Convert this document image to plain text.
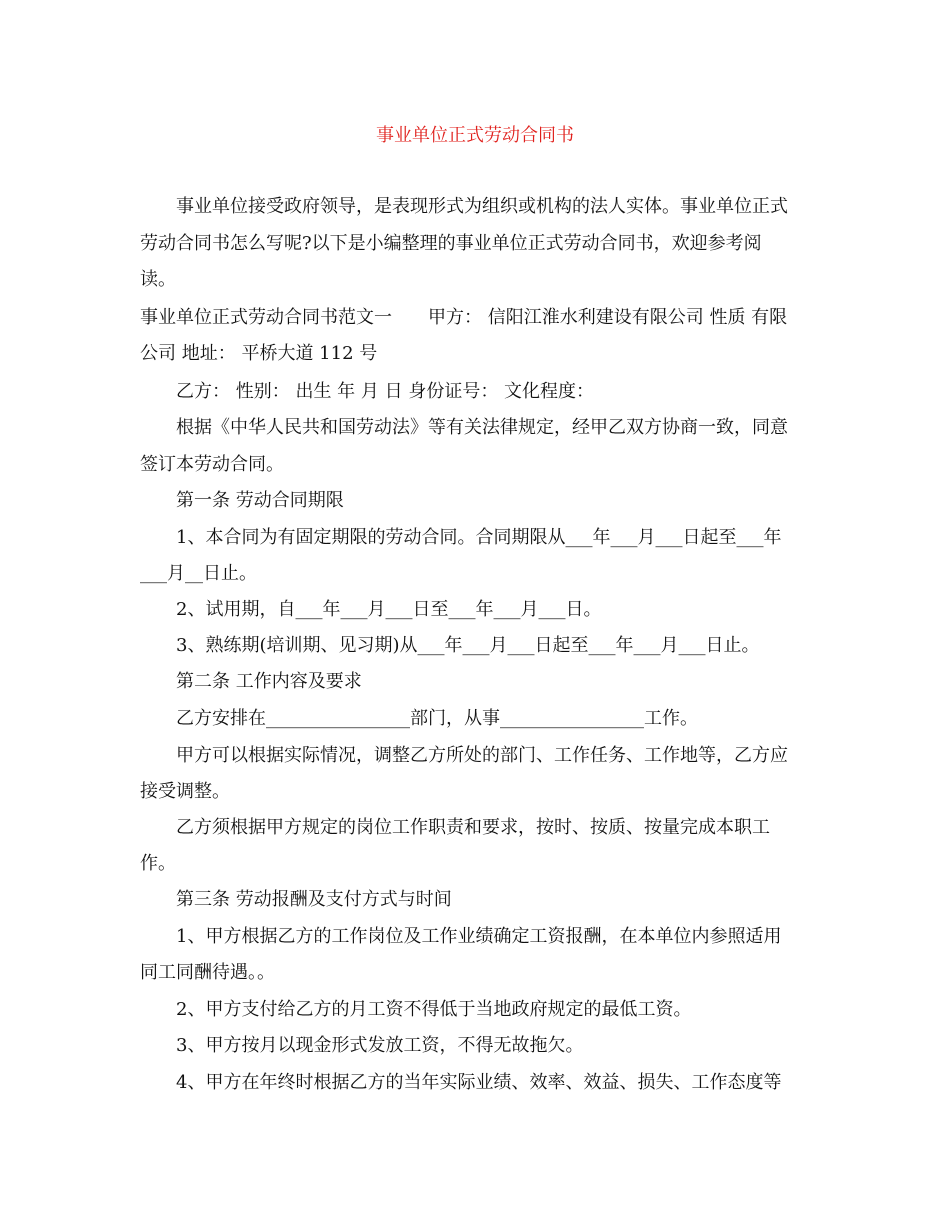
事业单位正式劳动合同书
事业单位接受政府领导，是表现形式为组织或机构的法人实体。事业单位正式
劳动合同书怎么写呢?以下是小编整理的事业单位正式劳动合同书，欢迎参考阅
读。
事业单位正式劳动合同书范文一　　甲方： 信阳江淮水利建设有限公司 性质 有限
公司 地址： 平桥大道 112 号
乙方： 性别： 出生 年 月 日 身份证号： 文化程度：
根据《中华人民共和国劳动法》等有关法律规定，经甲乙双方协商一致，同意
签订本劳动合同。
第一条 劳动合同期限
1、本合同为有固定期限的劳动合同。合同期限从___年___月___日起至___年
___月__日止。
2、试用期，自___年___月___日至___年___月___日。
3、熟练期(培训期、见习期)从___年___月___日起至___年___月___日止。
第二条 工作内容及要求
乙方安排在________________部门，从事________________工作。
甲方可以根据实际情况，调整乙方所处的部门、工作任务、工作地等，乙方应
接受调整。
乙方须根据甲方规定的岗位工作职责和要求，按时、按质、按量完成本职工
作。
第三条 劳动报酬及支付方式与时间
1、甲方根据乙方的工作岗位及工作业绩确定工资报酬，在本单位内参照适用
同工同酬待遇。。
2、甲方支付给乙方的月工资不得低于当地政府规定的最低工资。
3、甲方按月以现金形式发放工资，不得无故拖欠。
4、甲方在年终时根据乙方的当年实际业绩、效率、效益、损失、工作态度等
